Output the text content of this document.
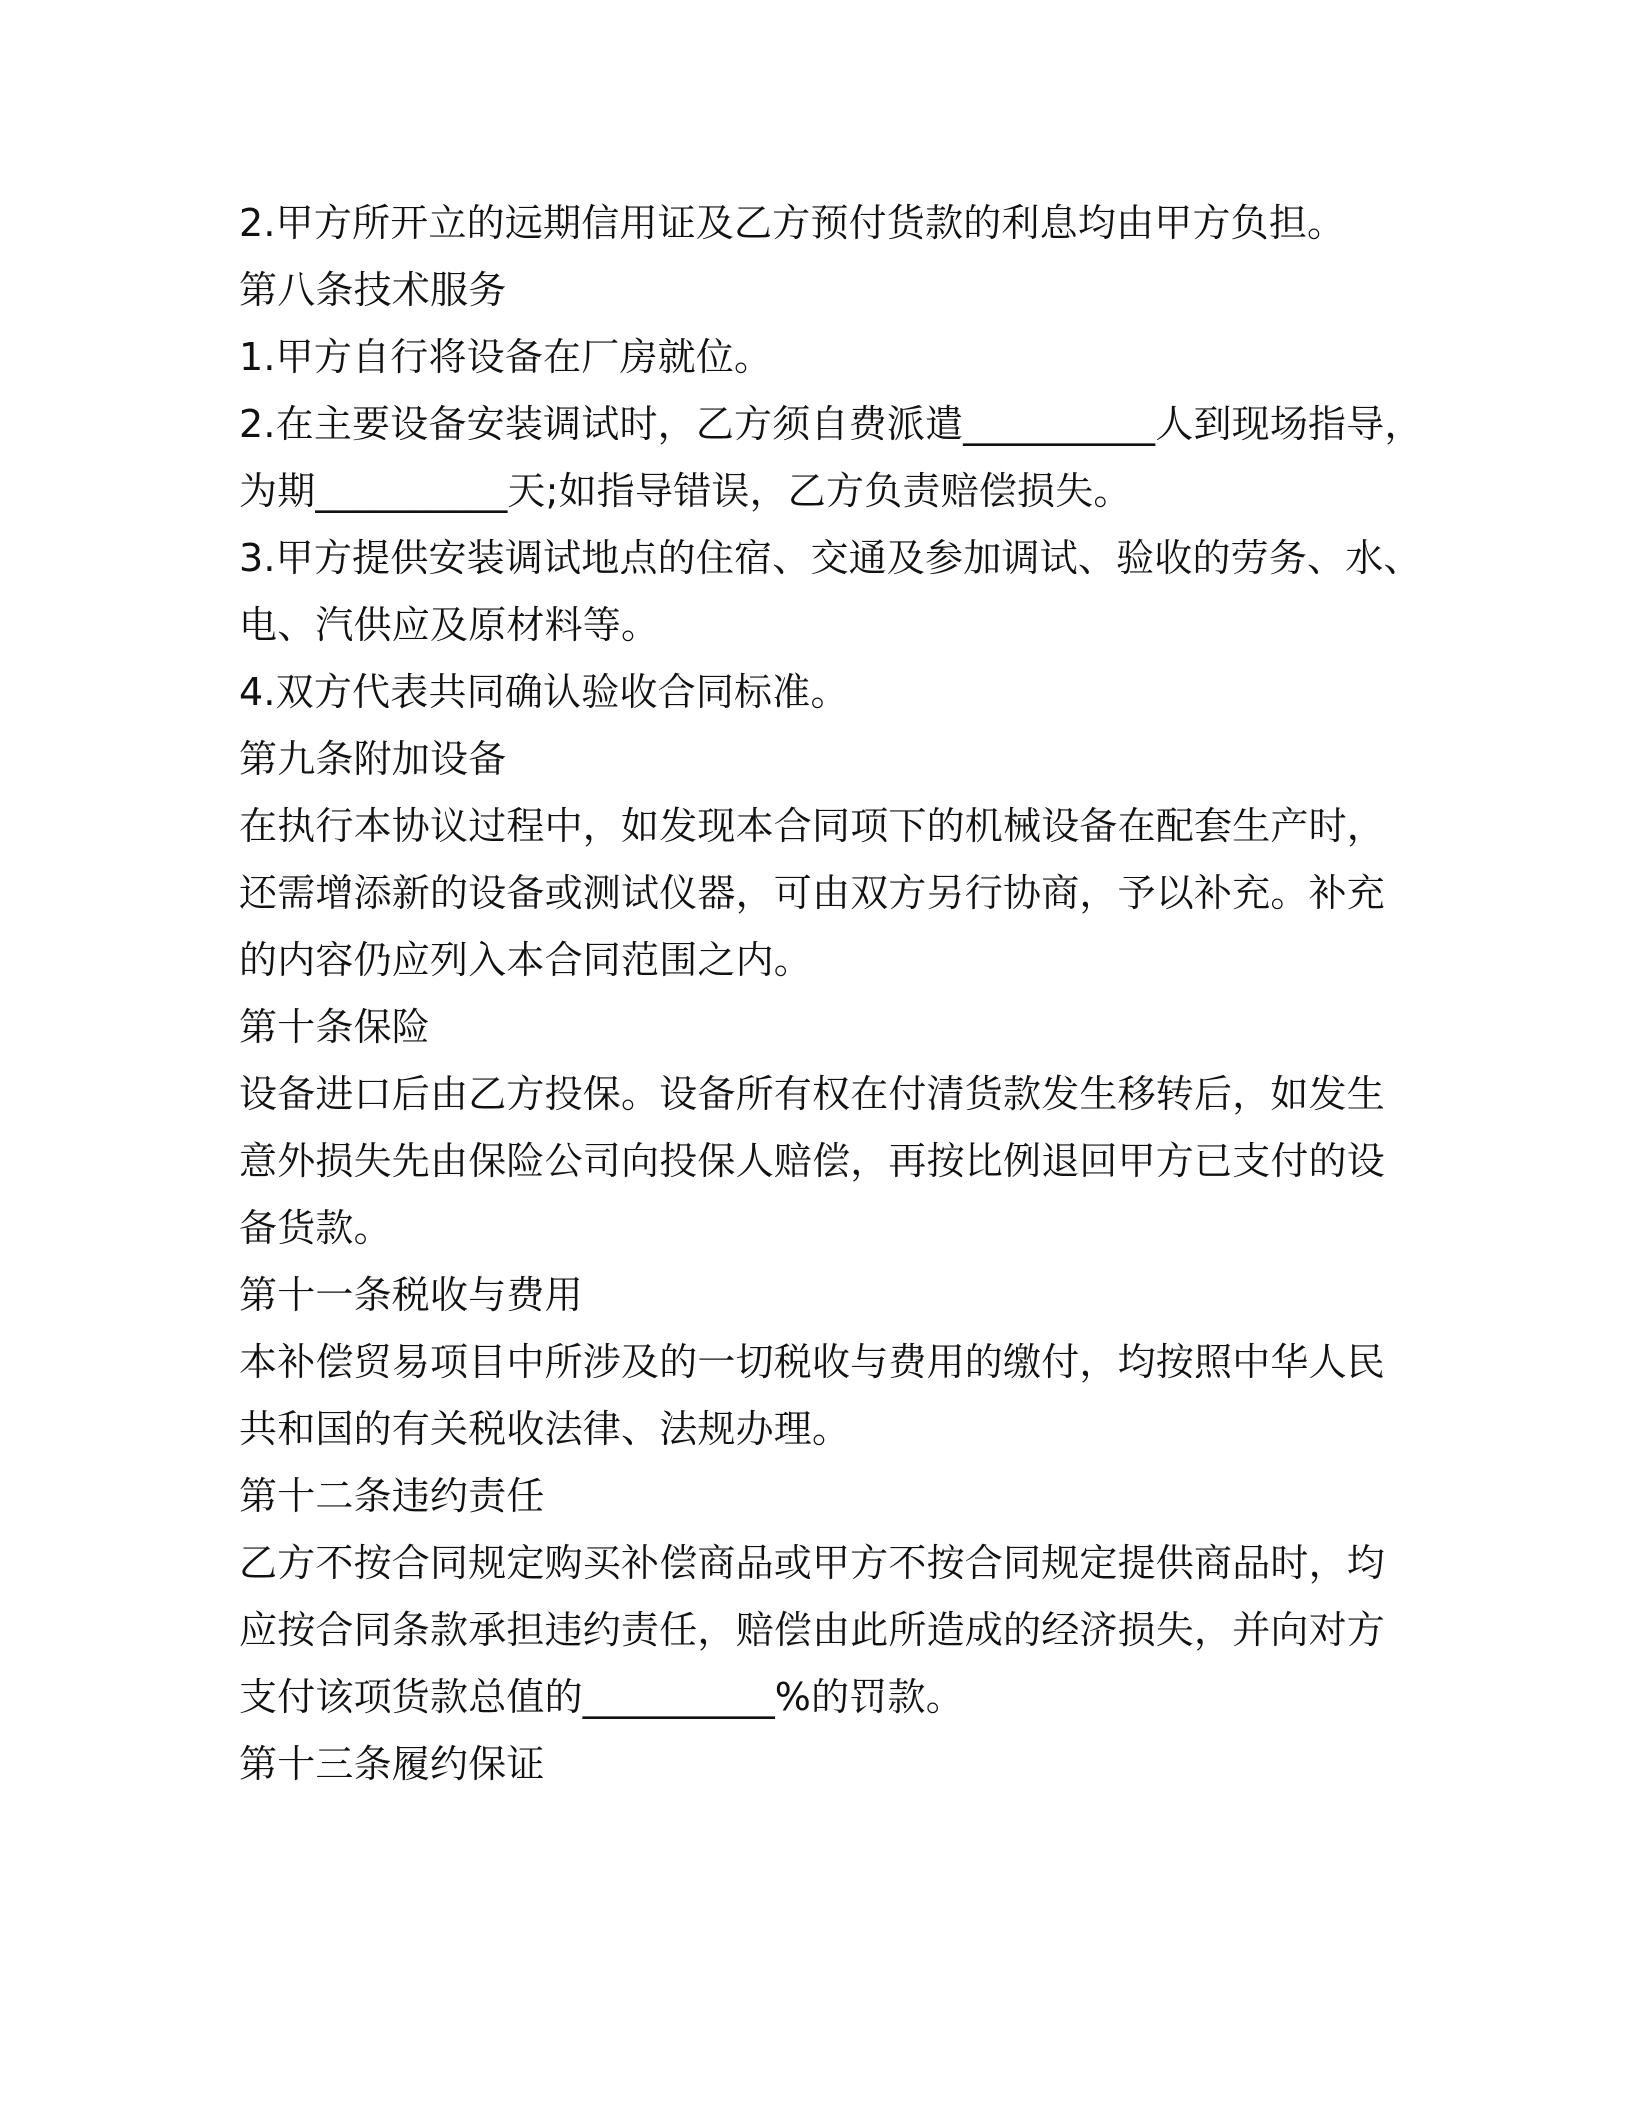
2.甲方所开立的远期信用证及乙方预付货款的利息均由甲方负担。
第八条技术服务
1.甲方自行将设备在厂房就位。
2.在主要设备安装调试时，乙方须自费派遣__________人到现场指导，
为期__________天;如指导错误，乙方负责赔偿损失。
3.甲方提供安装调试地点的住宿、交通及参加调试、验收的劳务、水、
电、汽供应及原材料等。
4.双方代表共同确认验收合同标准。
第九条附加设备
在执行本协议过程中，如发现本合同项下的机械设备在配套生产时，
还需增添新的设备或测试仪器，可由双方另行协商，予以补充。补充
的内容仍应列入本合同范围之内。
第十条保险
设备进口后由乙方投保。设备所有权在付清货款发生移转后，如发生
意外损失先由保险公司向投保人赔偿，再按比例退回甲方已支付的设
备货款。
第十一条税收与费用
本补偿贸易项目中所涉及的一切税收与费用的缴付，均按照中华人民
共和国的有关税收法律、法规办理。
第十二条违约责任
乙方不按合同规定购买补偿商品或甲方不按合同规定提供商品时，均
应按合同条款承担违约责任，赔偿由此所造成的经济损失，并向对方
支付该项货款总值的__________%的罚款。
第十三条履约保证
